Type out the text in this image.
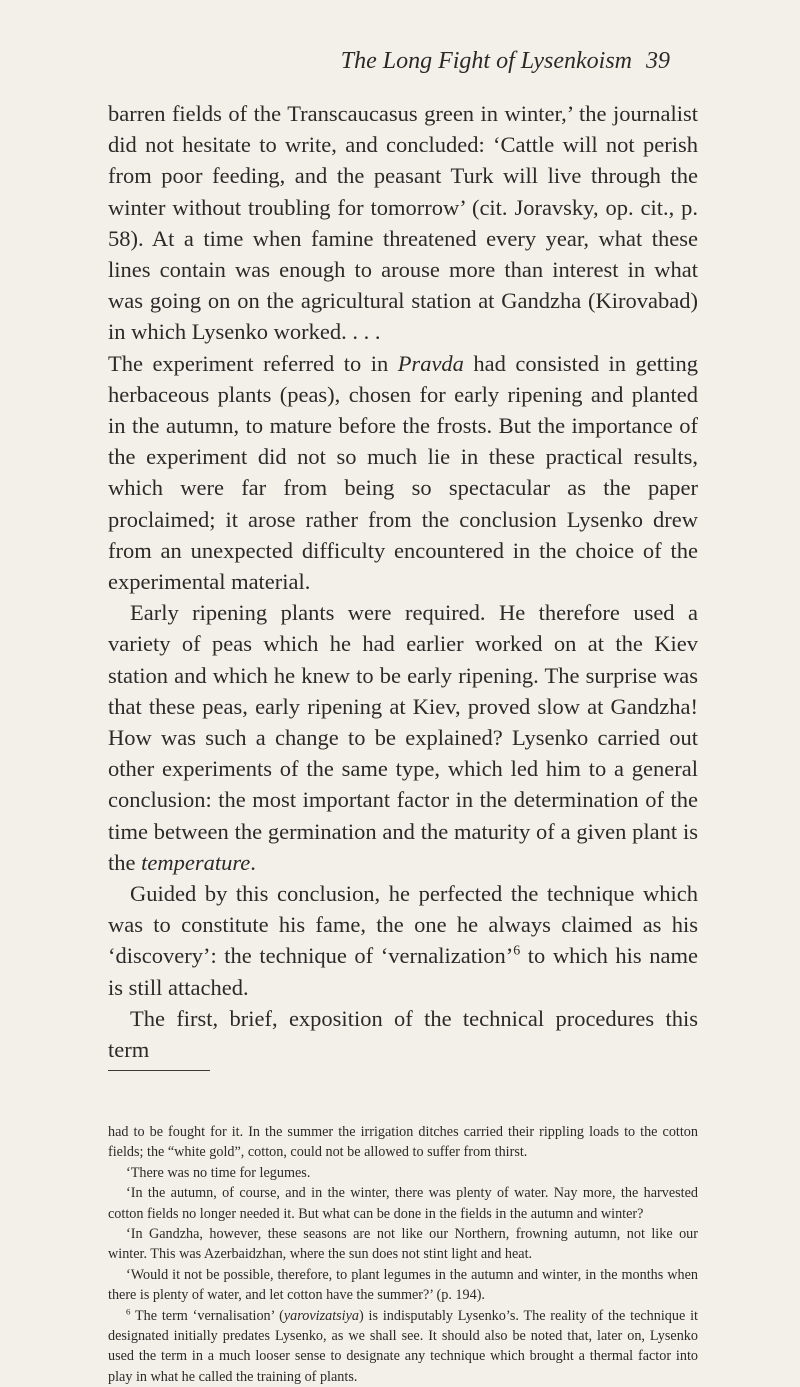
The Long Fight of Lysenkoism 39

barren fields of the Transcaucasus green in winter,’ the journalist did not hesitate to write, and concluded: ‘Cattle will not perish from poor feeding, and the peasant Turk will live through the winter without troubling for tomorrow’ (cit. Joravsky, op. cit., p. 58). At a time when famine threatened every year, what these lines contain was enough to arouse more than interest in what was going on on the agricultural station at Gandzha (Kirovabad) in which Lysenko worked. . . .

The experiment referred to in Pravda had consisted in getting herbaceous plants (peas), chosen for early ripening and planted in the autumn, to mature before the frosts. But the importance of the experiment did not so much lie in these practical results, which were far from being so spectacular as the paper proclaimed; it arose rather from the conclusion Lysenko drew from an unexpected difficulty encountered in the choice of the experimental material.

Early ripening plants were required. He therefore used a variety of peas which he had earlier worked on at the Kiev station and which he knew to be early ripening. The surprise was that these peas, early ripening at Kiev, proved slow at Gandzha! How was such a change to be explained? Lysenko carried out other experiments of the same type, which led him to a general conclusion: the most important factor in the determination of the time between the germination and the maturity of a given plant is the temperature.

Guided by this conclusion, he perfected the technique which was to constitute his fame, the one he always claimed as his ‘discovery’: the technique of ‘vernalization’$^6$ to which his name is still attached.

The first, brief, exposition of the technical procedures this term

had to be fought for it. In the summer the irrigation ditches carried their rippling loads to the cotton fields; the “white gold”, cotton, could not be allowed to suffer from thirst.

‘There was no time for legumes.

‘In the autumn, of course, and in the winter, there was plenty of water. Nay more, the harvested cotton fields no longer needed it. But what can be done in the fields in the autumn and winter?

‘In Gandzha, however, these seasons are not like our Northern, frowning autumn, not like our winter. This was Azerbaidzhan, where the sun does not stint light and heat.

‘Would it not be possible, therefore, to plant legumes in the autumn and winter, in the months when there is plenty of water, and let cotton have the summer?’ (p. 194).

$^6$ The term ‘vernalisation’ (yarovizatsiya) is indisputably Lysenko’s. The reality of the technique it designated initially predates Lysenko, as we shall see. It should also be noted that, later on, Lysenko used the term in a much looser sense to designate any technique which brought a thermal factor into play in what he called the training of plants.
